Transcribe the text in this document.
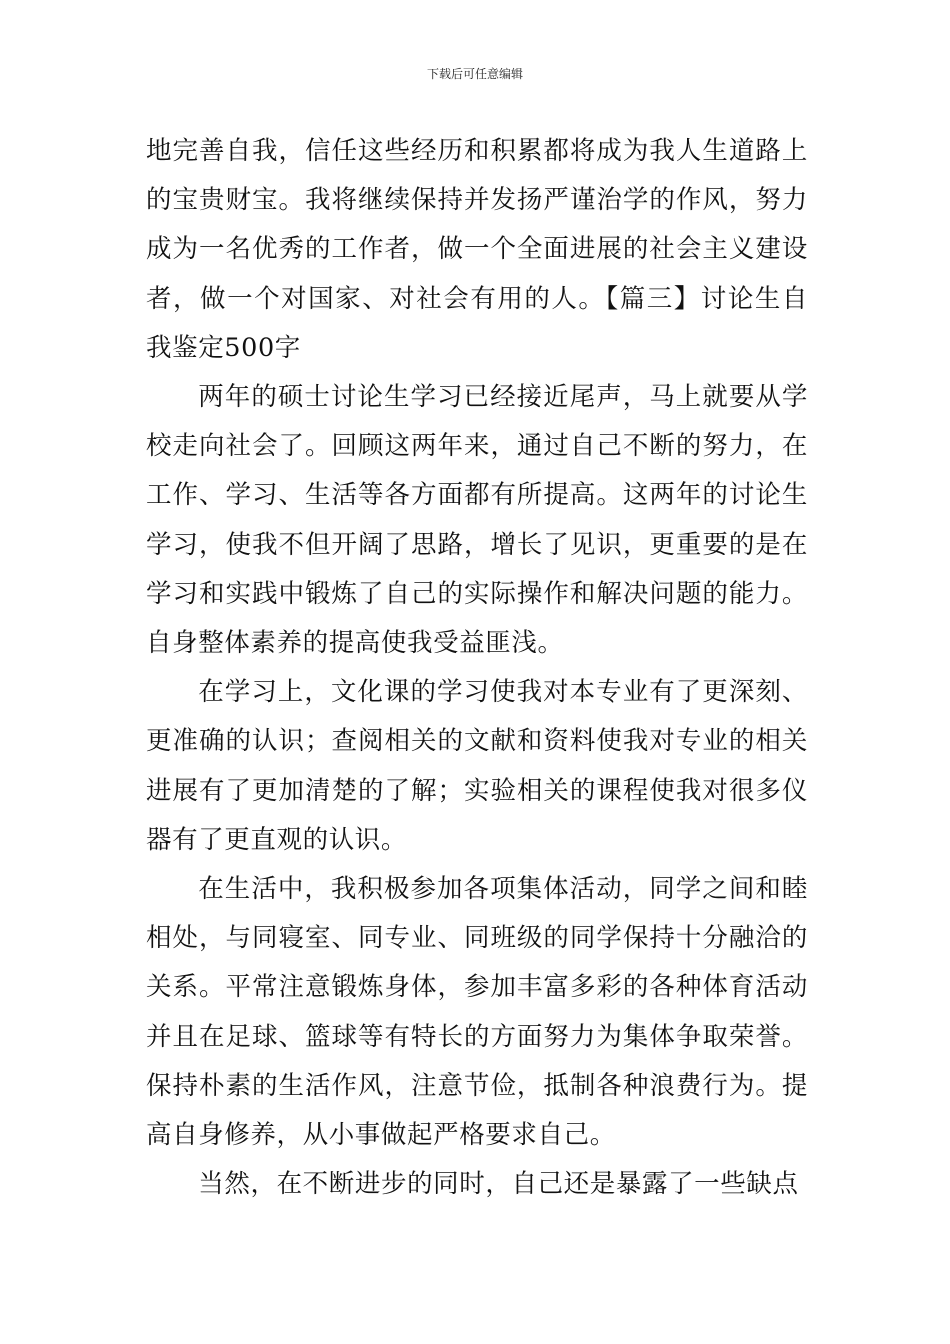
下载后可任意编辑

地完善自我，信任这些经历和积累都将成为我人生道路上的宝贵财宝。我将继续保持并发扬严谨治学的作风，努力成为一名优秀的工作者，做一个全面进展的社会主义建设者，做一个对国家、对社会有用的人。【篇三】讨论生自我鉴定500字

两年的硕士讨论生学习已经接近尾声，马上就要从学校走向社会了。回顾这两年来，通过自己不断的努力，在工作、学习、生活等各方面都有所提高。这两年的讨论生学习，使我不但开阔了思路，增长了见识，更重要的是在学习和实践中锻炼了自己的实际操作和解决问题的能力。自身整体素养的提高使我受益匪浅。

在学习上，文化课的学习使我对本专业有了更深刻、更准确的认识；查阅相关的文献和资料使我对专业的相关进展有了更加清楚的了解；实验相关的课程使我对很多仪器有了更直观的认识。

在生活中，我积极参加各项集体活动，同学之间和睦相处，与同寝室、同专业、同班级的同学保持十分融洽的关系。平常注意锻炼身体，参加丰富多彩的各种体育活动并且在足球、篮球等有特长的方面努力为集体争取荣誉。保持朴素的生活作风，注意节俭，抵制各种浪费行为。提高自身修养，从小事做起严格要求自己。

当然，在不断进步的同时，自己还是暴露了一些缺点
